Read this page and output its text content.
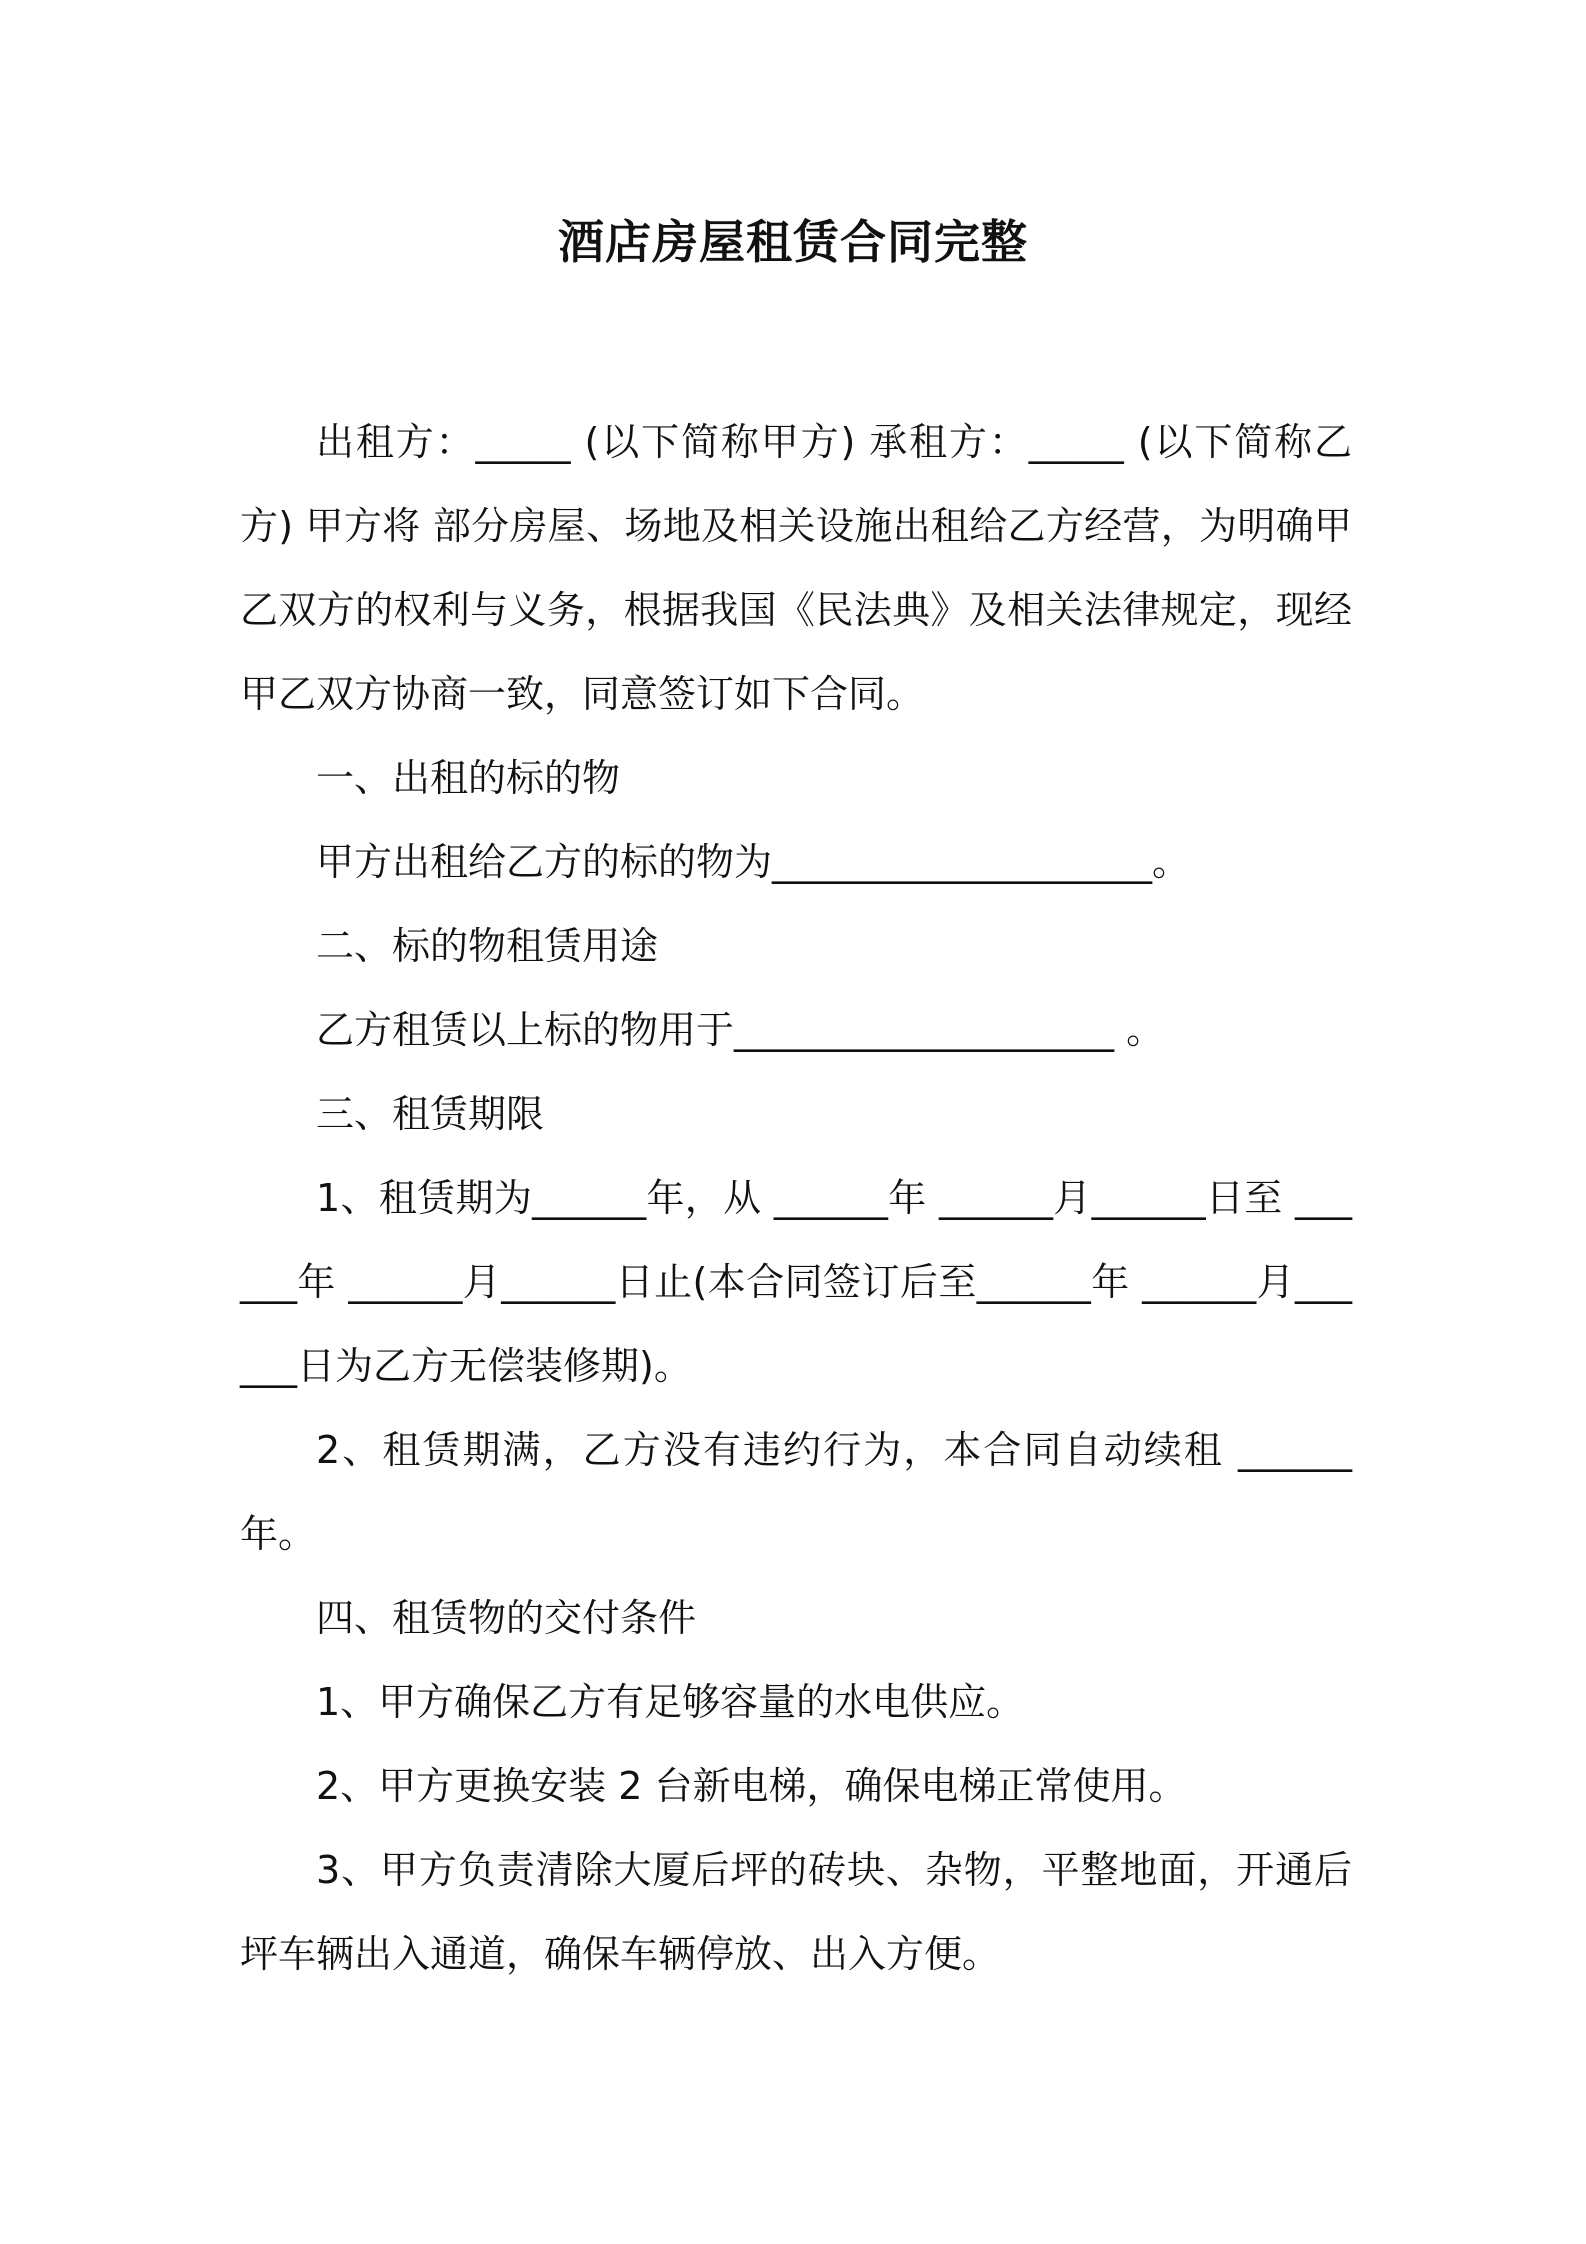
酒店房屋租赁合同完整

出租方：_____ (以下简称甲方) 承租方：_____ (以下简称乙方) 甲方将 部分房屋、场地及相关设施出租给乙方经营，为明确甲乙双方的权利与义务，根据我国《民法典》及相关法律规定，现经甲乙双方协商一致，同意签订如下合同。

一、出租的标的物

甲方出租给乙方的标的物为____________________。

二、标的物租赁用途

乙方租赁以上标的物用于____________________ 。

三、租赁期限

1、租赁期为______年，从 ______年 ______月______日至 ______年 ______月______日止(本合同签订后至______年 ______月______日为乙方无偿装修期)。

2、租赁期满，乙方没有违约行为，本合同自动续租 ______年。

四、租赁物的交付条件

1、甲方确保乙方有足够容量的水电供应。

2、甲方更换安装 2 台新电梯，确保电梯正常使用。

3、甲方负责清除大厦后坪的砖块、杂物，平整地面，开通后坪车辆出入通道，确保车辆停放、出入方便。
